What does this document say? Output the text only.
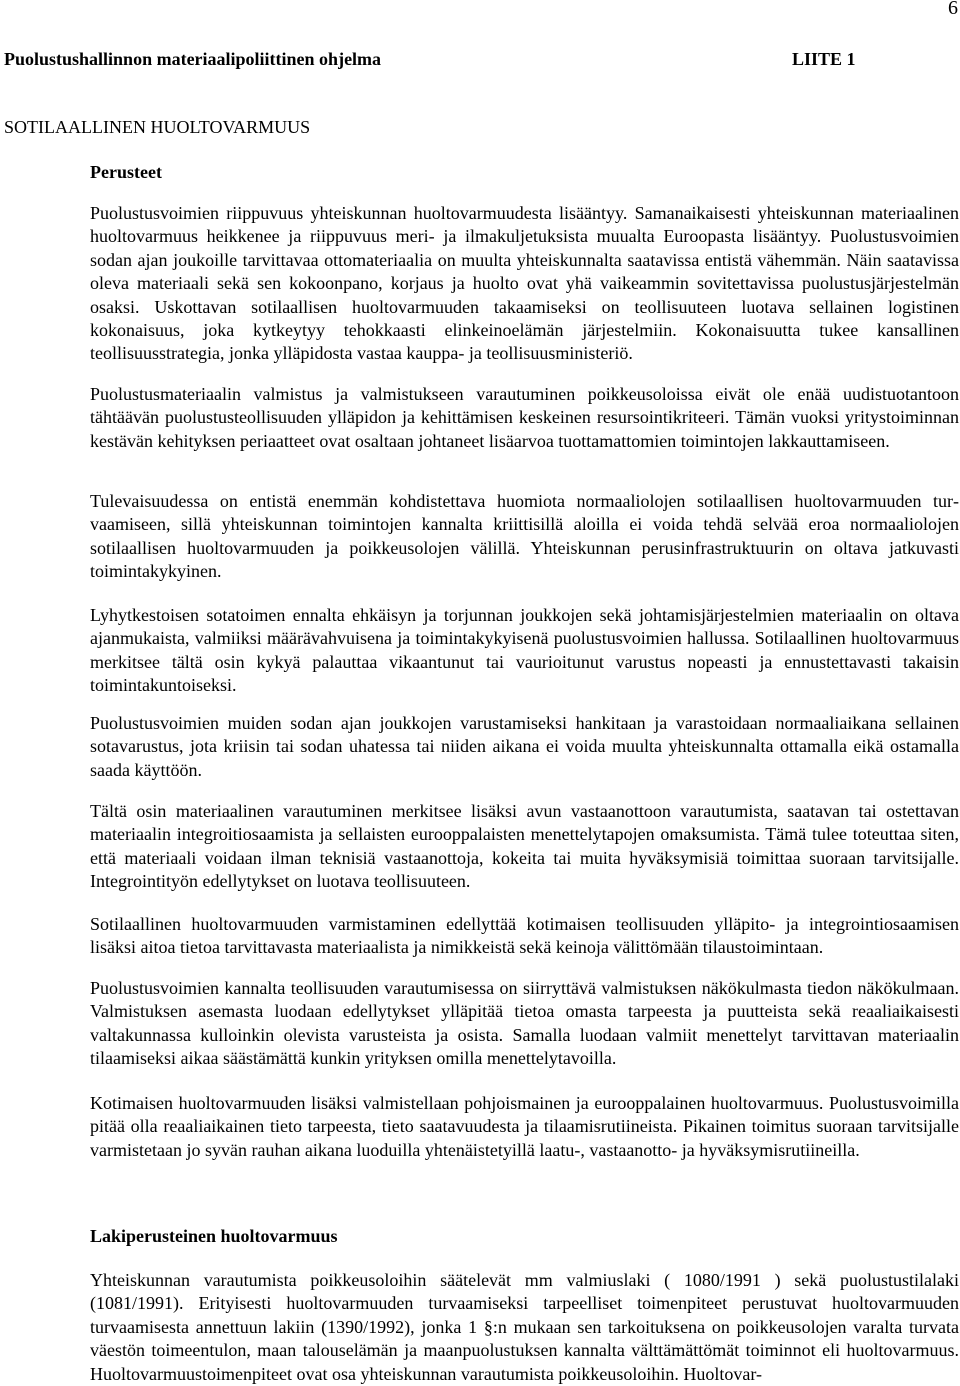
6
Puolustushallinnon materiaalipoliittinen ohjelma	LIITE 1
SOTILAALLINEN HUOLTOVARMUUS
Perusteet

Puolustusvoimien riippuvuus yhteiskunnan huoltovarmuudesta lisääntyy. Samanaikaisesti yhteiskunnan materiaalinen huoltovarmuus heikkenee ja riippuvuus meri- ja ilmakuljetuksista muualta Euroopasta lisääntyy. Puolustusvoimien sodan ajan joukoille tarvittavaa ottomateriaalia on muulta yhteiskunnalta saatavissa entistä vähemmän. Näin saatavissa oleva materiaali sekä sen kokoonpano, korjaus ja huolto ovat yhä vaikeammin sovitettavissa puolustusjärjestelmän osaksi. Uskottavan sotilaallisen huoltovarmuuden takaamiseksi on teollisuuteen luotava sellainen logistinen kokonaisuus, joka kytkeytyy tehokkaasti elinkeinoelämän järjestelmiin. Kokonaisuutta tukee kansallinen teollisuusstrategia, jonka ylläpidosta vastaa kauppa- ja teollisuusministeriö.

Puolustusmateriaalin valmistus ja valmistukseen varautuminen poikkeusoloissa eivät ole enää uudistuotantoon tähtäävän puolustusteollisuuden ylläpidon ja kehittämisen keskeinen resursointikriteeri. Tämän vuoksi yritystoiminnan kestävän kehityksen periaatteet ovat osaltaan johtaneet lisäarvoa tuottamattomien toimintojen lakkauttamiseen.

Tulevaisuudessa on entistä enemmän kohdistettava huomiota normaaliolojen sotilaallisen huoltovarmuuden turvaamiseen, sillä yhteiskunnan toimintojen kannalta kriittisillä aloilla ei voida tehdä selvää eroa normaaliolojen sotilaallisen huoltovarmuuden ja poikkeusolojen välillä. Yhteiskunnan perusinfrastruktuurin on oltava jatkuvasti toimintakykyinen.

Lyhytkestoisen sotatoimen ennalta ehkäisyn ja torjunnan joukkojen sekä johtamisjärjestelmien materiaalin on oltava ajanmukaista, valmiiksi määrävahvuisena ja toimintakykyisenä puolustusvoimien hallussa. Sotilaallinen huoltovarmuus merkitsee tältä osin kykyä palauttaa vikaantunut tai vaurioitunut varustus nopeasti ja ennustettavasti takaisin toimintakuntoiseksi.

Puolustusvoimien muiden sodan ajan joukkojen varustamiseksi hankitaan ja varastoidaan normaaliaikana sellainen sotavarustus, jota kriisin tai sodan uhatessa tai niiden aikana ei voida muulta yhteiskunnalta ottamalla eikä ostamalla saada käyttöön.

Tältä osin materiaalinen varautuminen merkitsee lisäksi avun vastaanottoon varautumista, saatavan tai ostettavan materiaalin integroitiosaamista ja sellaisten eurooppalaisten menettelytapojen omaksumista. Tämä tulee toteuttaa siten, että materiaali voidaan ilman teknisiä vastaanottoja, kokeita tai muita hyväksymisiä toimittaa suoraan tarvitsijalle. Integrointityön edellytykset on luotava teollisuuteen.

Sotilaallinen huoltovarmuuden varmistaminen edellyttää kotimaisen teollisuuden ylläpito- ja integrointiosaamisen lisäksi aitoa tietoa tarvittavasta materiaalista ja nimikkeistä sekä keinoja välittömään tilaustoimintaan.

Puolustusvoimien kannalta teollisuuden varautumisessa on siirryttävä valmistuksen näkökulmasta tiedon näkökulmaan. Valmistuksen asemasta luodaan edellytykset ylläpitää tietoa omasta tarpeesta ja puutteista sekä reaaliaikaisesti valtakunnassa kulloinkin olevista varusteista ja osista. Samalla luodaan valmiit menettelyt tarvittavan materiaalin tilaamiseksi aikaa säästämättä kunkin yrityksen omilla menettelytavoilla.

Kotimaisen huoltovarmuuden lisäksi valmistellaan pohjoismainen ja eurooppalainen huoltovarmuus. Puolustusvoimilla pitää olla reaaliaikainen tieto tarpeesta, tieto saatavuudesta ja tilaamisrutiineista. Pikainen toimitus suoraan tarvitsijalle varmistetaan jo syvän rauhan aikana luoduilla yhtenäistetyillä laatu-, vastaanotto- ja hyväksymisrutiineilla.

Lakiperusteinen huoltovarmuus

Yhteiskunnan varautumista poikkeusoloihin säätelevät mm valmiuslaki ( 1080/1991 ) sekä puolustustilalaki (1081/1991). Erityisesti huoltovarmuuden turvaamiseksi tarpeelliset toimenpiteet perustuvat huoltovarmuuden turvaamisesta annettuun lakiin (1390/1992), jonka 1 §:n mukaan sen tarkoituksena on poikkeusolojen varalta turvata väestön toimeentulon, maan talouselämän ja maanpuolustuksen kannalta välttämättömät toiminnot eli huoltovarmuus. Huoltovarmuustoimenpiteet ovat osa yhteiskunnan varautumista poikkeusoloihin. Huoltovar-
